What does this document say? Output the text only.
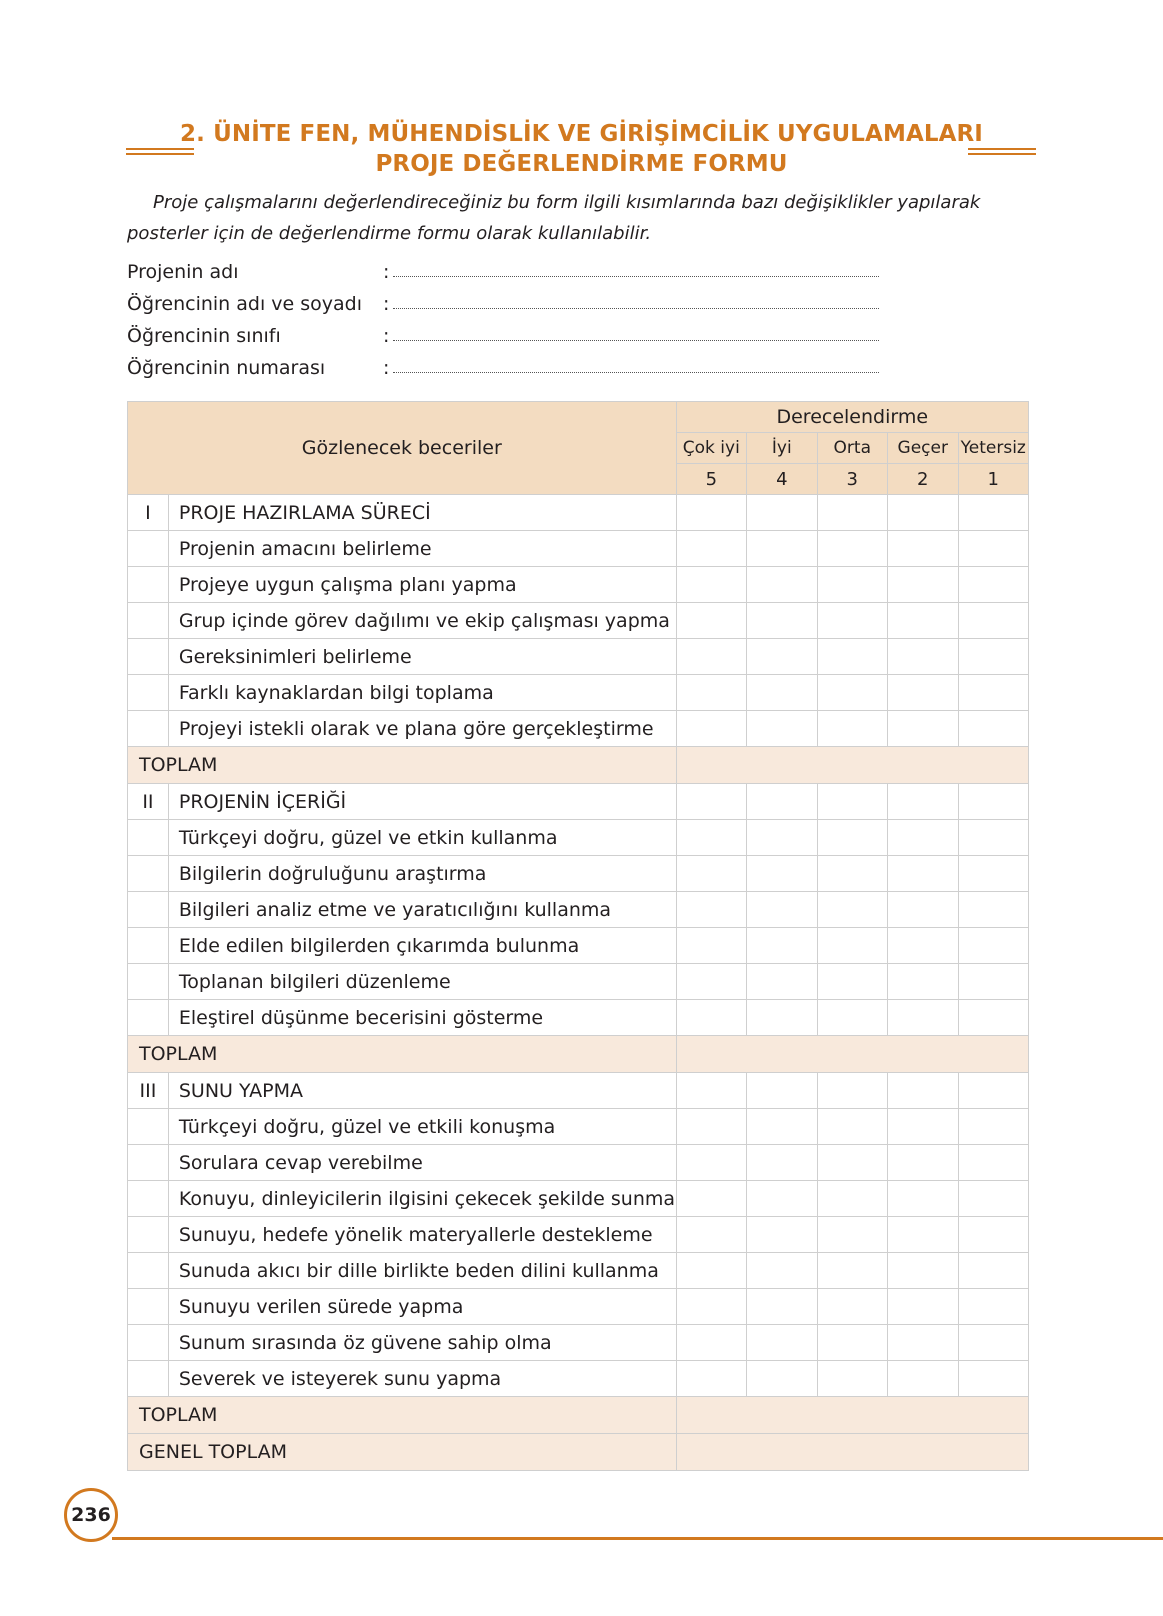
2. ÜNİTE FEN, MÜHENDİSLİK VE GİRİŞİMCİLİK UYGULAMALARI
PROJE DEĞERLENDİRME FORMU
Proje çalışmalarını değerlendireceğiniz bu form ilgili kısımlarında bazı değişiklikler yapılarak posterler için de değerlendirme formu olarak kullanılabilir.
Projenin adı	:
Öğrencinin adı ve soyadı :
Öğrencinin sınıfı	:
Öğrencinin numarası	:
Gözlenecek beceriler		Derecelendirme				
		Çok iyi	İyi	Orta	Geçer	Yetersiz
		5	4	3	2	1
I	PROJE HAZIRLAMA SÜRECİ					
	Projenin amacını belirleme					
	Projeye uygun çalışma planı yapma					
	Grup içinde görev dağılımı ve ekip çalışması yapma					
	Gereksinimleri belirleme					
	Farklı kaynaklardan bilgi toplama					
	Projeyi istekli olarak ve plana göre gerçekleştirme					
TOPLAM						
II	PROJENİN İÇERİĞİ					
	Türkçeyi doğru, güzel ve etkin kullanma					
	Bilgilerin doğruluğunu araştırma					
	Bilgileri analiz etme ve yaratıcılığını kullanma					
	Elde edilen bilgilerden çıkarımda bulunma					
	Toplanan bilgileri düzenleme					
	Eleştirel düşünme becerisini gösterme					
TOPLAM						
III	SUNU YAPMA					
	Türkçeyi doğru, güzel ve etkili konuşma					
	Sorulara cevap verebilme					
	Konuyu, dinleyicilerin ilgisini çekecek şekilde sunma					
	Sunuyu, hedefe yönelik materyallerle destekleme					
	Sunuda akıcı bir dille birlikte beden dilini kullanma					
	Sunuyu verilen sürede yapma					
	Sunum sırasında öz güvene sahip olma					
	Severek ve isteyerek sunu yapma					
TOPLAM						
GENEL TOPLAM						
236
